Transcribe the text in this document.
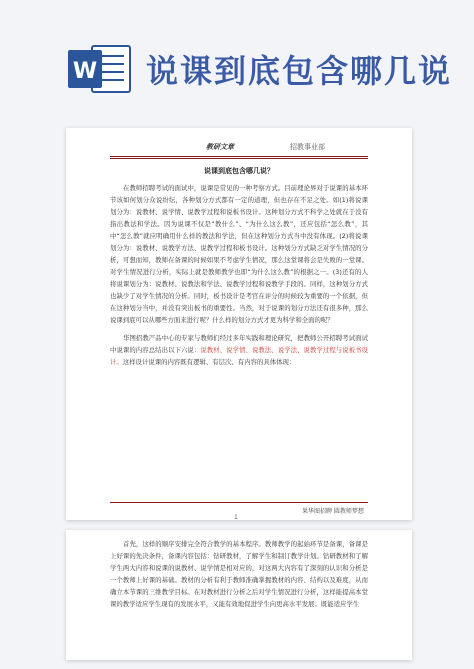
W 说课到底包含哪几说
教研文章	招教事业部
说课到底包含哪几说？

在教师招聘考试的面试中，说课是常见的一种考察方式。目前理论界对于说课的基本环节该如何划分众说纷纭，各种划分方式都有一定的道理，但也存在不足之处。如(1)将说课划分为：说教材、说学情、说教学过程和说板书设计。这种划分方式不科学之处就在于没有指出教法和学法。因为说课不仅是“教什么”、“为什么这么教”，还应包括“怎么教”，其中“怎么教”就应明确用什么样的教法和学法，但在这种划分方式当中没有体现。(2)将说课划分为：说教材、说教学方法、说教学过程和板书设计。这种划分方式缺乏对学生情况的分析，可想而知，教师在备课的时候如果不考虑学生情况，那么这堂课将会是失败的一堂课。对学生情况进行分析，实际上就是教师教学也即“为什么这么教”的根据之一。(3)还有的人将说课划分为：说教材、说教法和学法、说教学过程和说教学手段的。同样，这种划分方式也缺少了对学生情况的分析。同时，板书设计是考官在评分的时候较为重要的一个依据，但在这种划分当中，并没有突出板书的重要性。当然，对于说课的划分方法还有很多种，那么说课到底可以从哪些方面来进行呢？什么样的划分方式才更为科学和全面的呢？

华图招教产品中心的专家与教师们经过多年实践和理论研究，把教师公开招聘考试面试中说课的内容总结出以下六说：说教材、说学情、说教法、说学法、说教学过程与说板书设计。这样设计说课的内容既有逻辑、有层次、有内容的具体体现：

果华图招聘 圆教师梦想
1

首先，这样的顺序安排完全符合教学的基本程序。教师教学的起始环节是备课，备课是上好课的先决条件，备课内容包括：钻研教材，了解学生和制订教学计划。钻研教材和了解学生两大内容和说课的说教材、说学情是相对应的，对这两大内容有了深刻的认识和分析是一个教师上好课的基础。教材的分析有利于教师准确掌握教材的内容、结构以及难度，从而确立本节课的三维教学目标。在对教材进行分析之后对学生情况进行分析，这样能提高本堂课的教学适应学生现有的发展水平，又能有效地促进学生向更高水平发展；既能适应学生
